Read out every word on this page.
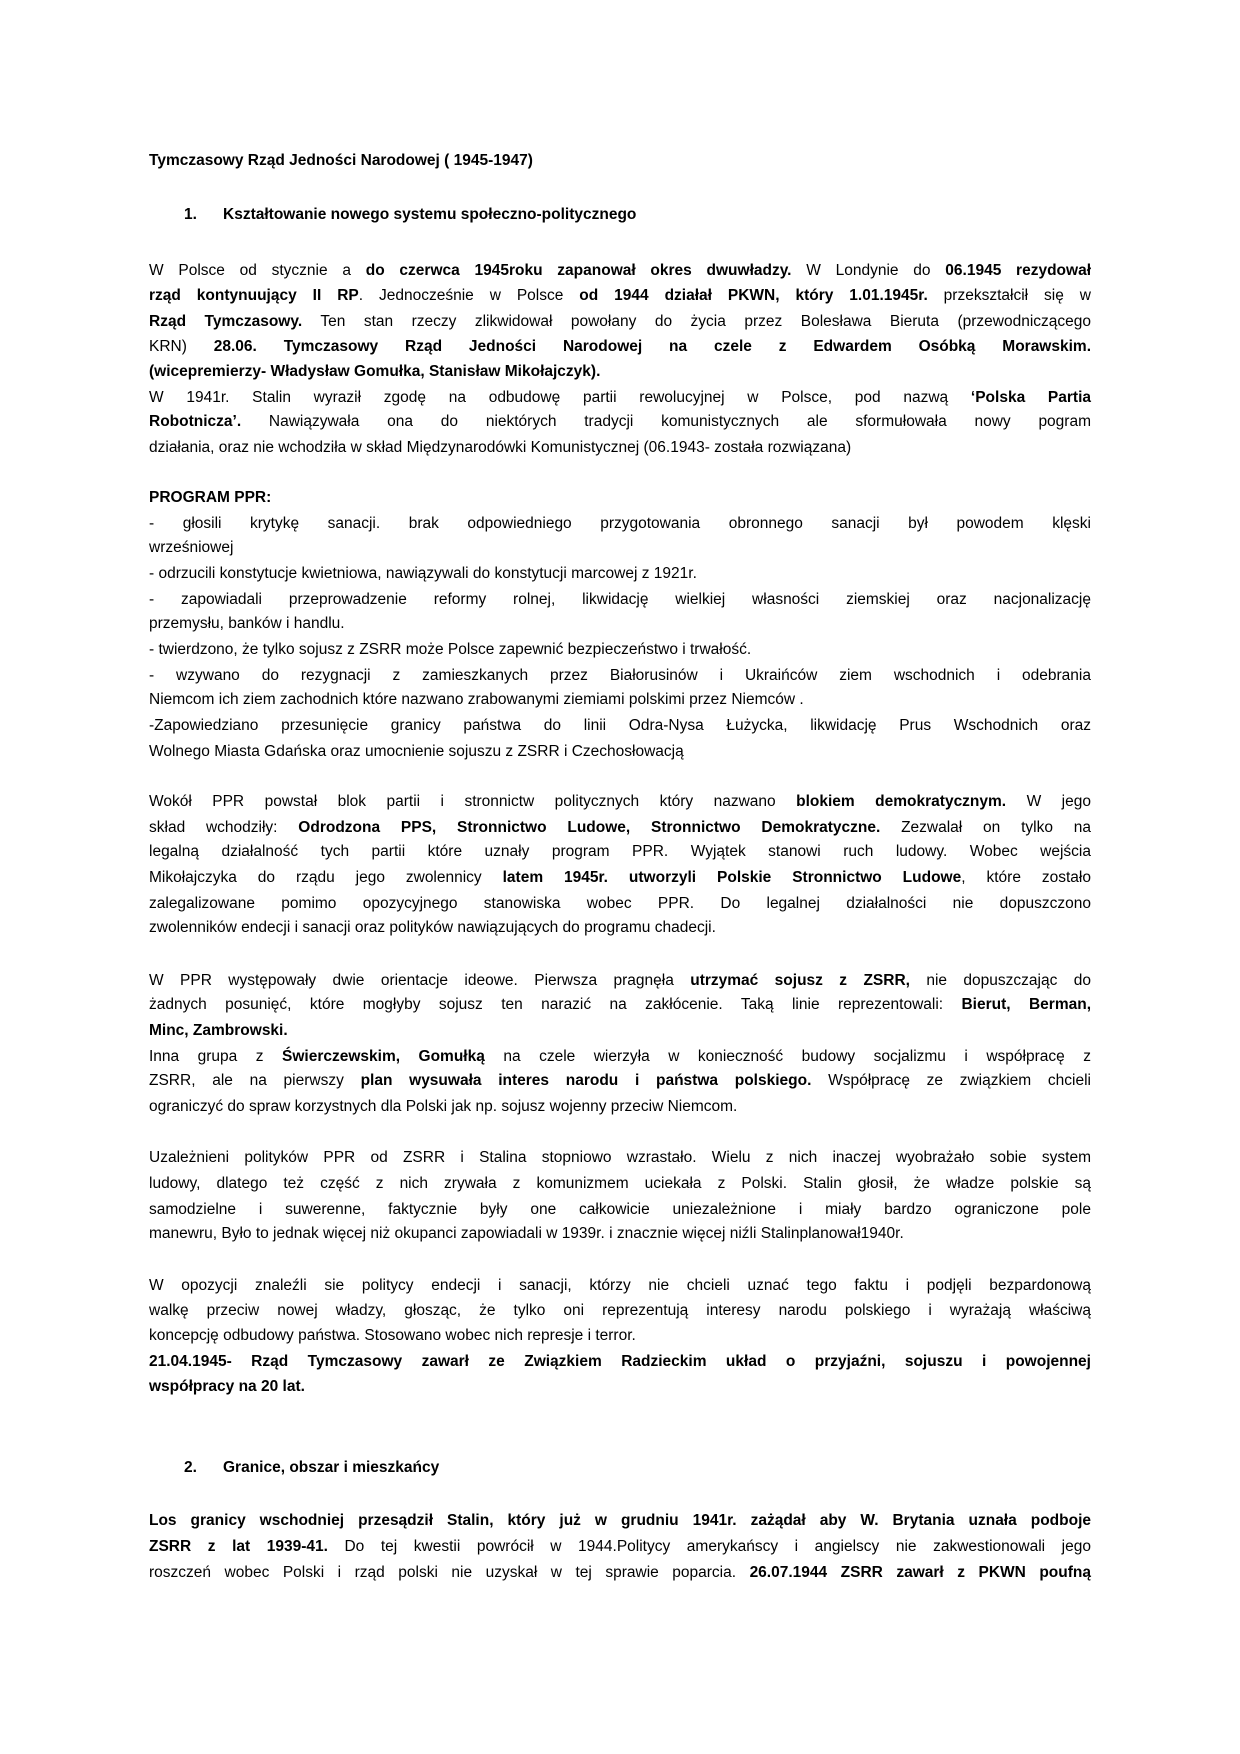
Tymczasowy Rząd Jedności Narodowej ( 1945-1947)
1. Kształtowanie nowego systemu społeczno-politycznego
2. Granice, obszar i mieszkańcy
W Polsce od stycznie a do czerwca 1945roku zapanował okres dwuwładzy. W Londynie do 06.1945 rezydował
rząd kontynuujący II RP. Jednocześnie w Polsce od 1944 działał PKWN, który 1.01.1945r. przekształcił się w
Rząd Tymczasowy. Ten stan rzeczy zlikwidował powołany do życia przez Bolesława Bieruta (przewodniczącego
KRN) 28.06. Tymczasowy Rząd Jedności Narodowej na czele z Edwardem Osóbką Morawskim.
(wicepremierzy- Władysław Gomułka, Stanisław Mikołajczyk).
W 1941r. Stalin wyraził zgodę na odbudowę partii rewolucyjnej w Polsce, pod nazwą ‘Polska Partia
Robotnicza’. Nawiązywała ona do niektórych tradycji komunistycznych ale sformułowała nowy pogram
działania, oraz nie wchodziła w skład Międzynarodówki Komunistycznej (06.1943- została rozwiązana)
PROGRAM PPR:
- głosili krytykę sanacji. brak odpowiedniego przygotowania obronnego sanacji był powodem klęski
wrześniowej
- odrzucili konstytucje kwietniowa, nawiązywali do konstytucji marcowej z 1921r.
- zapowiadali przeprowadzenie reformy rolnej, likwidację wielkiej własności ziemskiej oraz nacjonalizację
przemysłu, banków i handlu.
- twierdzono, że tylko sojusz z ZSRR może Polsce zapewnić bezpieczeństwo i trwałość.
- wzywano do rezygnacji z zamieszkanych przez Białorusinów i Ukraińców ziem wschodnich i odebrania
Niemcom ich ziem zachodnich które nazwano zrabowanymi ziemiami polskimi przez Niemców .
-Zapowiedziano przesunięcie granicy państwa do linii Odra-Nysa Łużycka, likwidację Prus Wschodnich oraz
Wolnego Miasta Gdańska oraz umocnienie sojuszu z ZSRR i Czechosłowacją
Wokół PPR powstał blok partii i stronnictw politycznych który nazwano blokiem demokratycznym. W jego
skład wchodziły: Odrodzona PPS, Stronnictwo Ludowe, Stronnictwo Demokratyczne. Zezwalał on tylko na
legalną działalność tych partii które uznały program PPR. Wyjątek stanowi ruch ludowy. Wobec wejścia
Mikołajczyka do rządu jego zwolennicy latem 1945r. utworzyli Polskie Stronnictwo Ludowe, które zostało
zalegalizowane pomimo opozycyjnego stanowiska wobec PPR. Do legalnej działalności nie dopuszczono
zwolenników endecji i sanacji oraz polityków nawiązujących do programu chadecji.
W PPR występowały dwie orientacje ideowe. Pierwsza pragnęła utrzymać sojusz z ZSRR, nie dopuszczając do
żadnych posunięć, które mogłyby sojusz ten narazić na zakłócenie. Taką linie reprezentowali: Bierut, Berman,
Minc, Zambrowski.
Inna grupa z Świerczewskim, Gomułką na czele wierzyła w konieczność budowy socjalizmu i współpracę z
ZSRR, ale na pierwszy plan wysuwała interes narodu i państwa polskiego. Współpracę ze związkiem chcieli
ograniczyć do spraw korzystnych dla Polski jak np. sojusz wojenny przeciw Niemcom.
Uzależnieni polityków PPR od ZSRR i Stalina stopniowo wzrastało. Wielu z nich inaczej wyobrażało sobie system
ludowy, dlatego też część z nich zrywała z komunizmem uciekała z Polski. Stalin głosił, że władze polskie są
samodzielne i suwerenne, faktycznie były one całkowicie uniezależnione i miały bardzo ograniczone pole
manewru, Było to jednak więcej niż okupanci zapowiadali w 1939r. i znacznie więcej niźli Stalinplanował1940r.
W opozycji znaleźli sie politycy endecji i sanacji, którzy nie chcieli uznać tego faktu i podjęli bezpardonową
walkę przeciw nowej władzy, głosząc, że tylko oni reprezentują interesy narodu polskiego i wyrażają właściwą
koncepcję odbudowy państwa. Stosowano wobec nich represje i terror.
21.04.1945- Rząd Tymczasowy zawarł ze Związkiem Radzieckim układ o przyjaźni, sojuszu i powojennej
współpracy na 20 lat.
Los granicy wschodniej przesądził Stalin, który już w grudniu 1941r. zażądał aby W. Brytania uznała podboje
ZSRR z lat 1939-41. Do tej kwestii powrócił w 1944.Politycy amerykańscy i angielscy nie zakwestionowali jego
roszczeń wobec Polski i rząd polski nie uzyskał w tej sprawie poparcia. 26.07.1944 ZSRR zawarł z PKWN poufną
